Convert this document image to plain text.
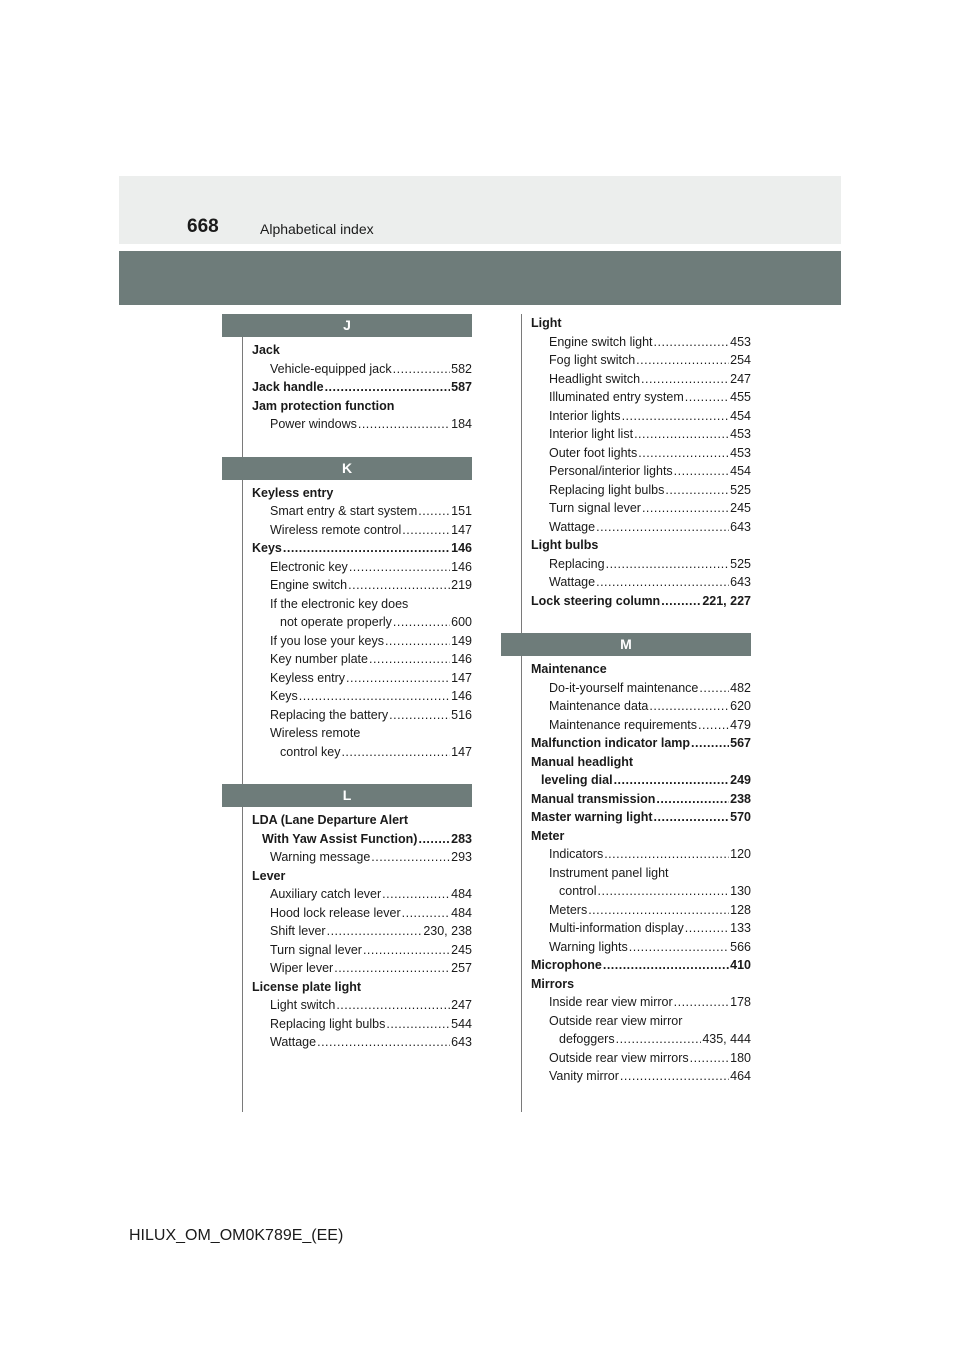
668	Alphabetical index
J
Jack
Vehicle-equipped jack .....	582
Jack handle .....	587
Jam protection function
Power windows .....	184
K
Keyless entry
Smart entry & start system .....	151
Wireless remote control .....	147
Keys .....	146
Electronic key .....	146
Engine switch .....	219
If the electronic key does
not operate properly .....	600
If you lose your keys .....	149
Key number plate .....	146
Keyless entry .....	147
Keys .....	146
Replacing the battery .....	516
Wireless remote
control key .....	147
L
LDA (Lane Departure Alert
With Yaw Assist Function) .....	283
Warning message .....	293
Lever
Auxiliary catch lever .....	484
Hood lock release lever .....	484
Shift lever .....	230, 238
Turn signal lever .....	245
Wiper lever .....	257
License plate light
Light switch .....	247
Replacing light bulbs .....	544
Wattage .....	643
Light
Engine switch light .....	453
Fog light switch .....	254
Headlight switch .....	247
Illuminated entry system .....	455
Interior lights .....	454
Interior light list .....	453
Outer foot lights .....	453
Personal/interior lights .....	454
Replacing light bulbs .....	525
Turn signal lever .....	245
Wattage .....	643
Light bulbs
Replacing .....	525
Wattage .....	643
Lock steering column .....	221, 227
M
Maintenance
Do-it-yourself maintenance .....	482
Maintenance data .....	620
Maintenance requirements .....	479
Malfunction indicator lamp .....	567
Manual headlight
leveling dial .....	249
Manual transmission .....	238
Master warning light .....	570
Meter
Indicators .....	120
Instrument panel light
control .....	130
Meters .....	128
Multi-information display .....	133
Warning lights .....	566
Microphone .....	410
Mirrors
Inside rear view mirror .....	178
Outside rear view mirror
defoggers .....	435, 444
Outside rear view mirrors .....	180
Vanity mirror .....	464
HILUX_OM_OM0K789E_(EE)
